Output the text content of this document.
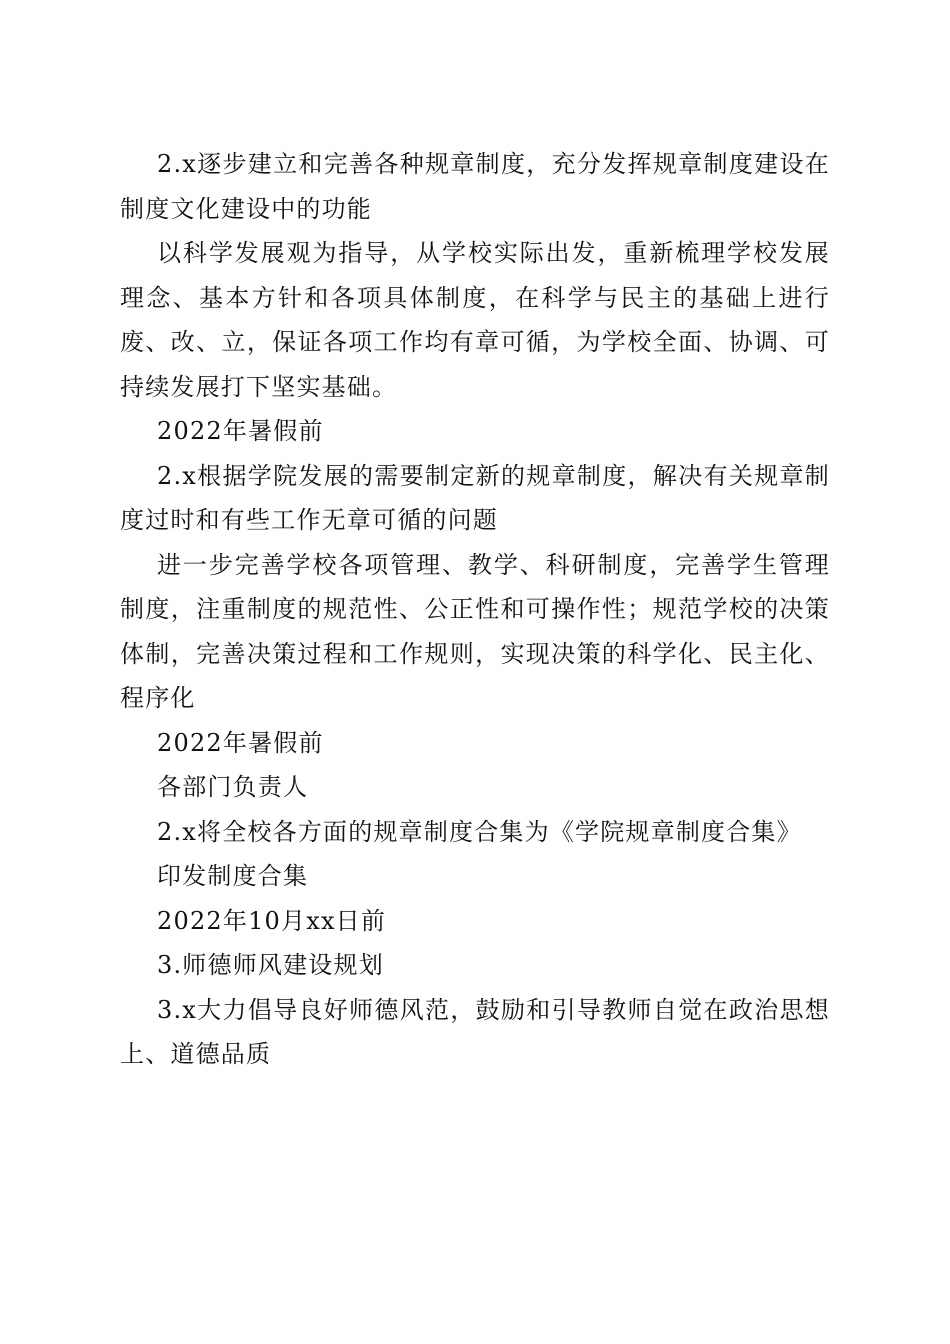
2.x逐步建立和完善各种规章制度，充分发挥规章制度建设在制度文化建设中的功能

以科学发展观为指导，从学校实际出发，重新梳理学校发展理念、基本方针和各项具体制度，在科学与民主的基础上进行废、改、立，保证各项工作均有章可循，为学校全面、协调、可持续发展打下坚实基础。

2022年暑假前

2.x根据学院发展的需要制定新的规章制度，解决有关规章制度过时和有些工作无章可循的问题

进一步完善学校各项管理、教学、科研制度，完善学生管理制度，注重制度的规范性、公正性和可操作性；规范学校的决策体制，完善决策过程和工作规则，实现决策的科学化、民主化、程序化

2022年暑假前

各部门负责人

2.x将全校各方面的规章制度合集为《学院规章制度合集》

印发制度合集

2022年10月xx日前

3.师德师风建设规划

3.x大力倡导良好师德风范，鼓励和引导教师自觉在政治思想上、道德品质
